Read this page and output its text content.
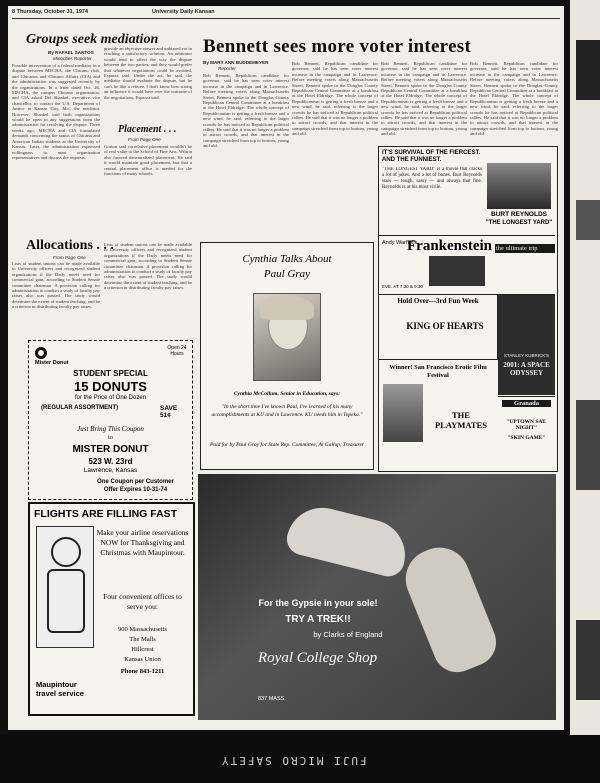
8 Thursday, October 31, 1974	University Daily Kansan
Groups seek mediation
By RAFAEL SANTOS
Minorities Reporter
Possible intervention of a federal mediator in a dispute between MECHA, the Chicano club, and Chicanos and Chicano Affairs (CIA) and the administration was suggested recently by the organizations. In a letter dated Oct. 26, MECHA, the campus Chicano organization, and CIA asked Del Shankel, executive vice chancellor, to contact the U.S. Department of Justice in Kansas City, Mo., the mediator. However, Shankel said both organizations would be open to any suggestions from the administration for resolving the dispute. Three weeks ago, MECHA and CIA formulated demands concerning the status of Chicano and American Indian students at the University of Kansas. Later, the administration expressed willingness to meet organization representatives and discuss the requests.
provide an objective viewer and unbiased ear in reaching a satisfactory solution. An arbitrator would tend to affect the way the dispute between the two parties, and they would prefer that whatever negotiations could be avoided, Esparza said. Under the act, he said, the mediator should evaluate the dispute, but he can't be like a referee. I don't know how strong an influence it would have over the outcome of the negotiations, Esparza said.
Placement . . .
From Page One
Gorton said correlative placement wouldn't be of real value to the School of Fine Arts. Wilson also favored decentralized placement. He said it would maintain good placement, but that a central placement office is needed for the functions of many schools.
Bennett sees more voter interest
By MARY ANN BUDDEMEYER
Reporter
Bob Bennett, Republican candidate for governor, said he has seen voter interest increase in the campaign and in Lawrence. Before meeting voters along Massachusetts Street, Bennett spoke to the Douglas County Republican Central Committee at a breakfast at the Hotel Eldridge. The whole concept of Republicanism is getting a fresh breeze and a new wind, he said, referring to the larger crowds he has noticed at Republican political rallies. He said that it was no longer a problem to attract crowds, and that interest in the campaign stretched from top to bottom, young and old.
Bob Bennett, Republican candidate for governor, said he has seen voter interest increase in the campaign and in Lawrence. Before meeting voters along Massachusetts Street, Bennett spoke to the Douglas County Republican Central Committee at a breakfast at the Hotel Eldridge. The whole concept of Republicanism is getting a fresh breeze and a new wind, he said, referring to the larger crowds he has noticed at Republican political rallies. He said that it was no longer a problem to attract crowds, and that interest in the campaign stretched from top to bottom, young and old.
Bob Bennett, Republican candidate for governor, said he has seen voter interest increase in the campaign and in Lawrence. Before meeting voters along Massachusetts Street, Bennett spoke to the Douglas County Republican Central Committee at a breakfast at the Hotel Eldridge. The whole concept of Republicanism is getting a fresh breeze and a new wind, he said, referring to the larger crowds he has noticed at Republican political rallies. He said that it was no longer a problem to attract crowds, and that interest in the campaign stretched from top to bottom, young and old.
Bob Bennett, Republican candidate for governor, said he has seen voter interest increase in the campaign and in Lawrence. Before meeting voters along Massachusetts Street, Bennett spoke to the Douglas County Republican Central Committee at a breakfast at the Hotel Eldridge. The whole concept of Republicanism is getting a fresh breeze and a new wind, he said, referring to the larger crowds he has noticed at Republican political rallies. He said that it was no longer a problem to attract crowds, and that interest in the campaign stretched from top to bottom, young and old.
Allocations . . .
From Page One
Lists of student unions can be made available to University officers and recognized student organizations if the Daily meets need for commercial gain, according to Student Senate committee chairman. A provision calling for administration to conduct a study of faculty pay raises also was passed. The study would determine the extent of student teaching, and be a criterion in distributing faculty pay raises.
Lists of student unions can be made available to University officers and recognized student organizations if the Daily meets need for commercial gain, according to Student Senate committee chairman. A provision calling for administration to conduct a study of faculty pay raises also was passed. The study would determine the extent of student teaching, and be a criterion in distributing faculty pay raises.
Cynthia Talks About
Paul Gray
Cynthia McCollum, Senior in Education, says:
"In the short time I've known Paul, I've learned of his many accomplishments at KU and in Lawrence. KU needs him in Topeka."
Paid for by Paul Gray for State Rep. Committee, Al Gallup, Treasurer
Mister Donut
Open 24 Hours
STUDENT SPECIAL
15 DONUTS
for the Price of One Dozen
(REGULAR ASSORTMENT)	SAVE 51¢
Just Bring This Coupon
to
MISTER DONUT
523 W. 23rd
Lawrence, Kansas
One Coupon per Customer
Offer Expires 10-31-74
FLIGHTS ARE FILLING FAST
Make your airline reservations NOW for Thanksgiving and Christmas with Maupintour.
Four convenient offices to serve you:
900 Massachusetts
The Malls
Hillcrest
Kansas Union
Phone 843-1211
Maupintour travel service
IT'S SURVIVAL OF THE FIERCEST. AND THE FUNNIEST.
"THE LONGEST YARD" is a movie that cracks a lot of jokes. And a lot of bones. Burt Reynolds stars — tough, sassy — and always that fine. Reynolds is at his most virile.
BURT REYNOLDS
"THE LONGEST YARD"
Andy Warhol's
Frankenstein the ultimate trip
EVE. AT 7:30 & 9:30
Hold Over—3rd Fun Week
KING OF HEARTS
STANLEY KUBRICK'S
2001: A SPACE ODYSSEY
Winner! San Francisco Erotic Film Festival
THE PLAYMATES
Granada
"UPTOWN SAT. NIGHT"
"SKIN GAME"
For the Gypsie in your sole!
TRY A TREK!!
by Clarks of England
Royal College Shop
837 MASS.
FUJI MICRO SAFETY
